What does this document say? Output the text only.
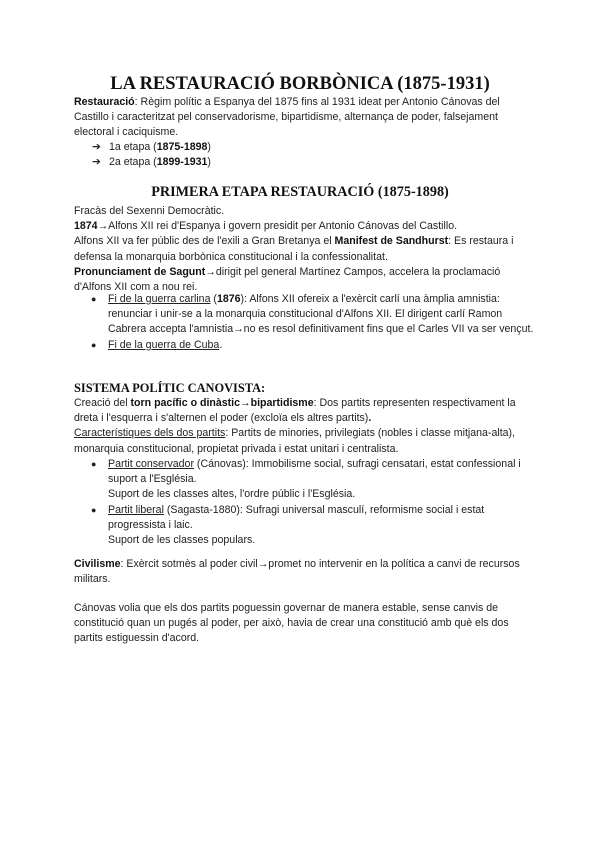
LA RESTAURACIÓ BORBÒNICA (1875-1931)

Restauració: Règim polític a Espanya del 1875 fins al 1931 ideat per Antonio Cánovas del Castillo i caracteritzat pel conservadorisme, bipartidisme, alternança de poder, falsejament electoral i caciquisme.

➔ 1a etapa (1875-1898)
➔ 2a etapa (1899-1931)
PRIMERA ETAPA RESTAURACIÓ (1875-1898)

Fracàs del Sexenni Democràtic.

1874→Alfons XII rei d'Espanya i govern presidit per Antonio Cánovas del Castillo.

Alfons XII va fer públic des de l'exili a Gran Bretanya el Manifest de Sandhurst: Es restaura i defensa la monarquia borbònica constitucional i la confessionalitat.

Pronunciament de Sagunt→dirigit pel general Martínez Campos, accelera la proclamació d'Alfons XII com a nou rei.

● Fi de la guerra carlina (1876): Alfons XII ofereix a l'exèrcit carlí una àmplia amnistia: renunciar i unir-se a la monarquia constitucional d'Alfons XII. El dirigent carlí Ramon Cabrera accepta l'amnistia→no es resol definitivament fins que el Carles VII va ser vençut.
● Fi de la guerra de Cuba.
SISTEMA POLÍTIC CANOVISTA:

Creació del torn pacífic o dinàstic→bipartidisme: Dos partits representen respectivament la dreta i l'esquerra i s'alternen el poder (excloïa els altres partits).

Característiques dels dos partits: Partits de minories, privilegiats (nobles i classe mitjana-alta), monarquia constitucional, propietat privada i estat unitari i centralista.

● Partit conservador (Cánovas): Immobilisme social, sufragi censatari, estat confessional i suport a l'Església.
Suport de les classes altes, l'ordre públic i l'Església.
● Partit liberal (Sagasta-1880): Sufragi universal masculí, reformisme social i estat progressista i laic.
Suport de les classes populars.

Civilisme: Exèrcit sotmès al poder civil→promet no intervenir en la política a canvi de recursos militars.

Cánovas volia que els dos partits poguessin governar de manera estable, sense canvis de constitució quan un pugés al poder, per això, havia de crear una constitució amb què els dos partits estiguessin d'acord.
